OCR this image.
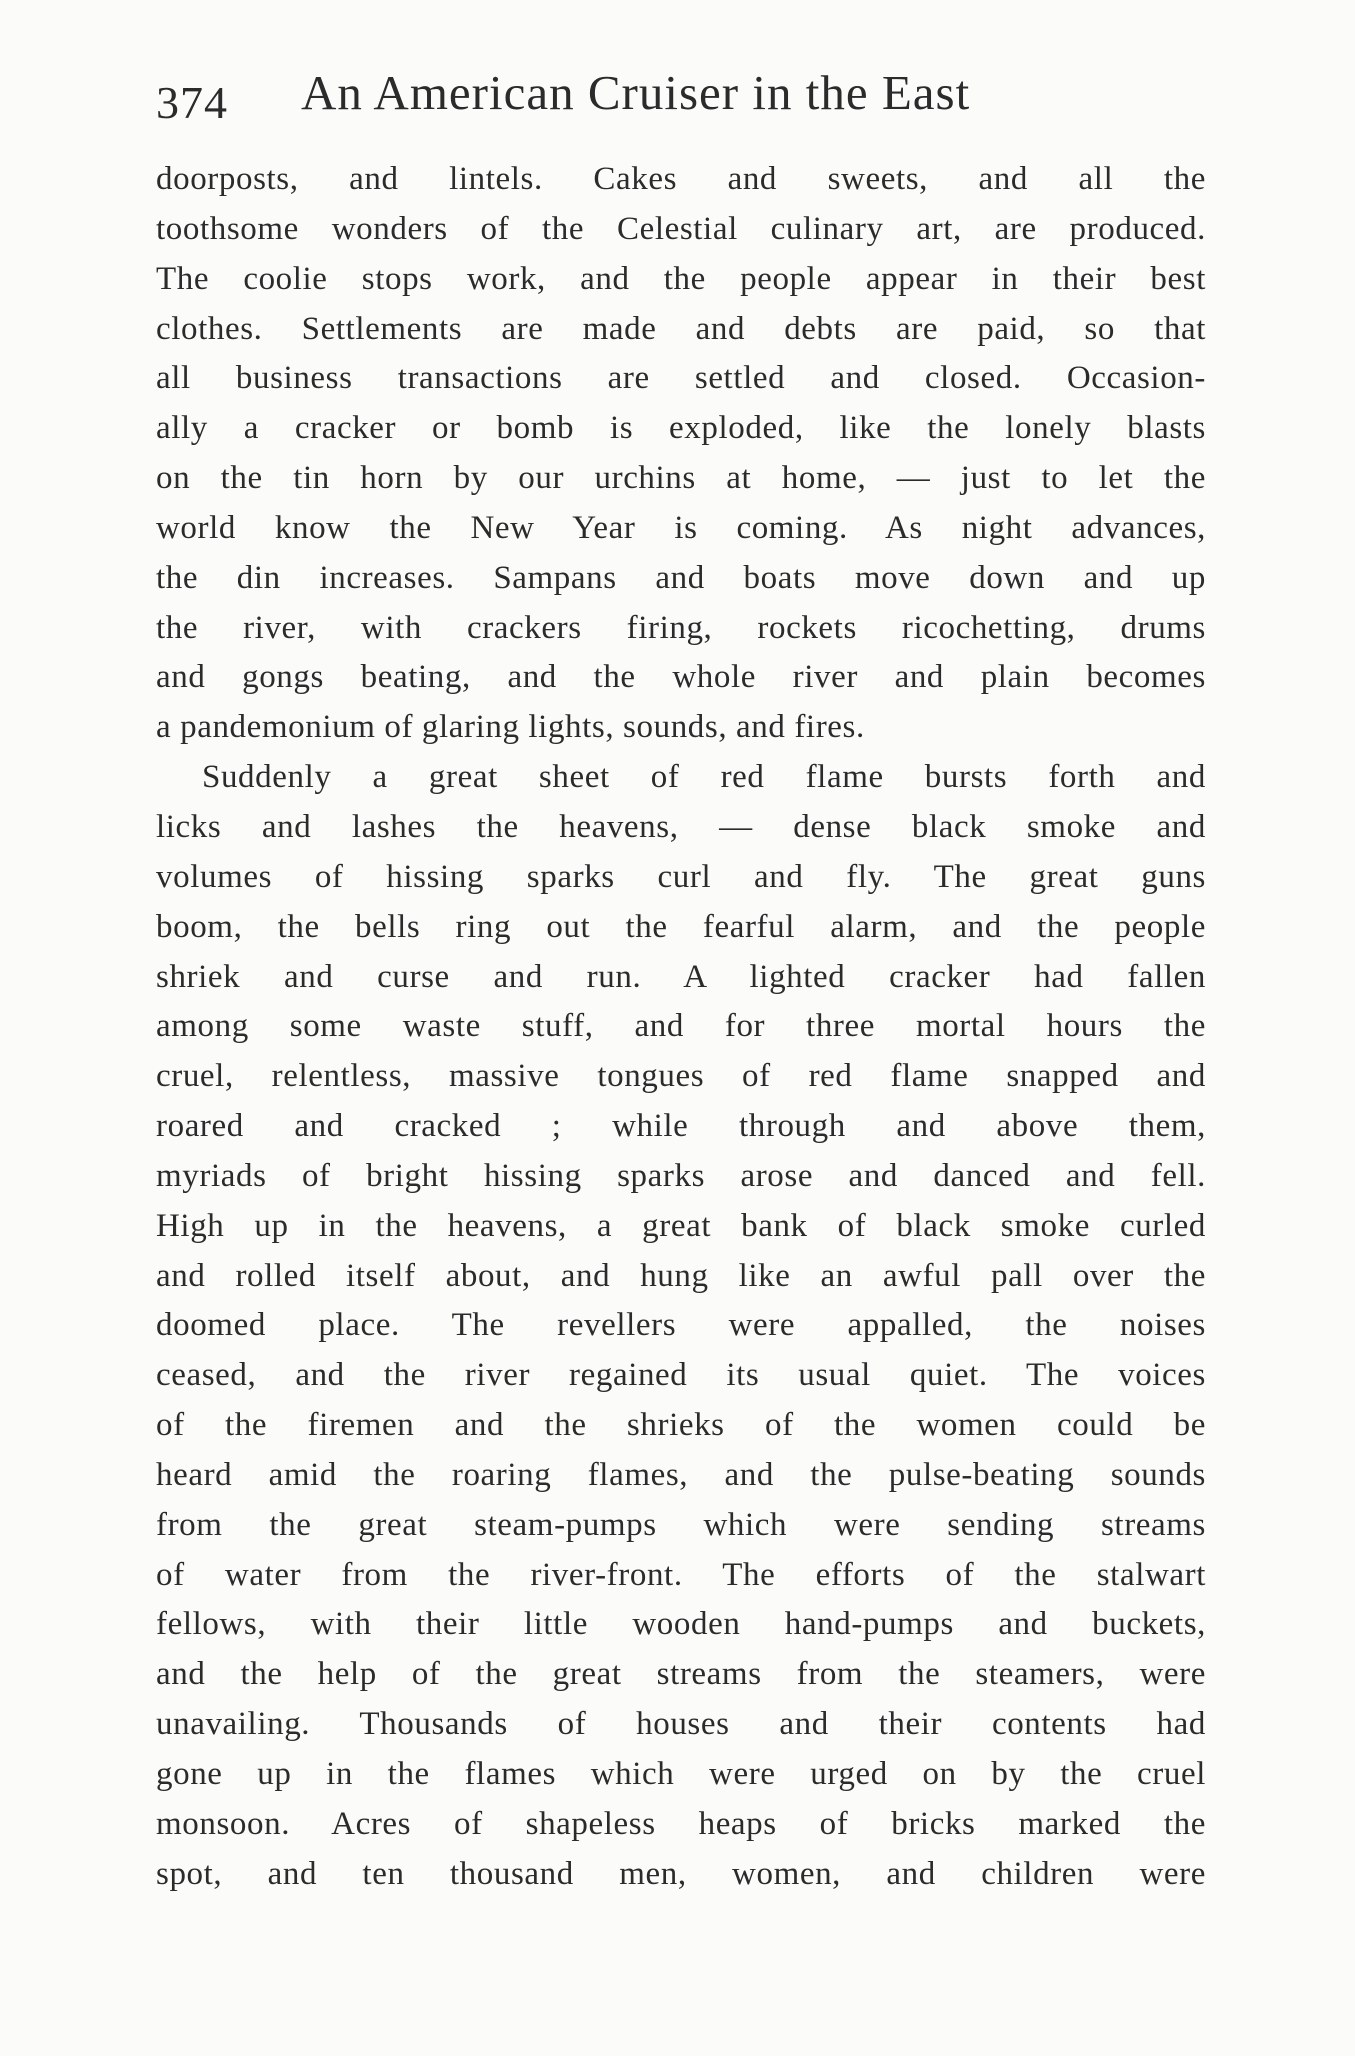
374 An American Cruiser in the East
doorposts, and lintels. Cakes and sweets, and all the
toothsome wonders of the Celestial culinary art, are produced.
The coolie stops work, and the people appear in their best
clothes. Settlements are made and debts are paid, so that
all business transactions are settled and closed. Occasion-
ally a cracker or bomb is exploded, like the lonely blasts
on the tin horn by our urchins at home, — just to let the
world know the New Year is coming. As night advances,
the din increases. Sampans and boats move down and up
the river, with crackers firing, rockets ricochetting, drums
and gongs beating, and the whole river and plain becomes
a pandemonium of glaring lights, sounds, and fires.
Suddenly a great sheet of red flame bursts forth and
licks and lashes the heavens, — dense black smoke and
volumes of hissing sparks curl and fly. The great guns
boom, the bells ring out the fearful alarm, and the people
shriek and curse and run. A lighted cracker had fallen
among some waste stuff, and for three mortal hours the
cruel, relentless, massive tongues of red flame snapped and
roared and cracked ; while through and above them,
myriads of bright hissing sparks arose and danced and fell.
High up in the heavens, a great bank of black smoke curled
and rolled itself about, and hung like an awful pall over the
doomed place. The revellers were appalled, the noises
ceased, and the river regained its usual quiet. The voices
of the firemen and the shrieks of the women could be
heard amid the roaring flames, and the pulse-beating sounds
from the great steam-pumps which were sending streams
of water from the river-front. The efforts of the stalwart
fellows, with their little wooden hand-pumps and buckets,
and the help of the great streams from the steamers, were
unavailing. Thousands of houses and their contents had
gone up in the flames which were urged on by the cruel
monsoon. Acres of shapeless heaps of bricks marked the
spot, and ten thousand men, women, and children were
